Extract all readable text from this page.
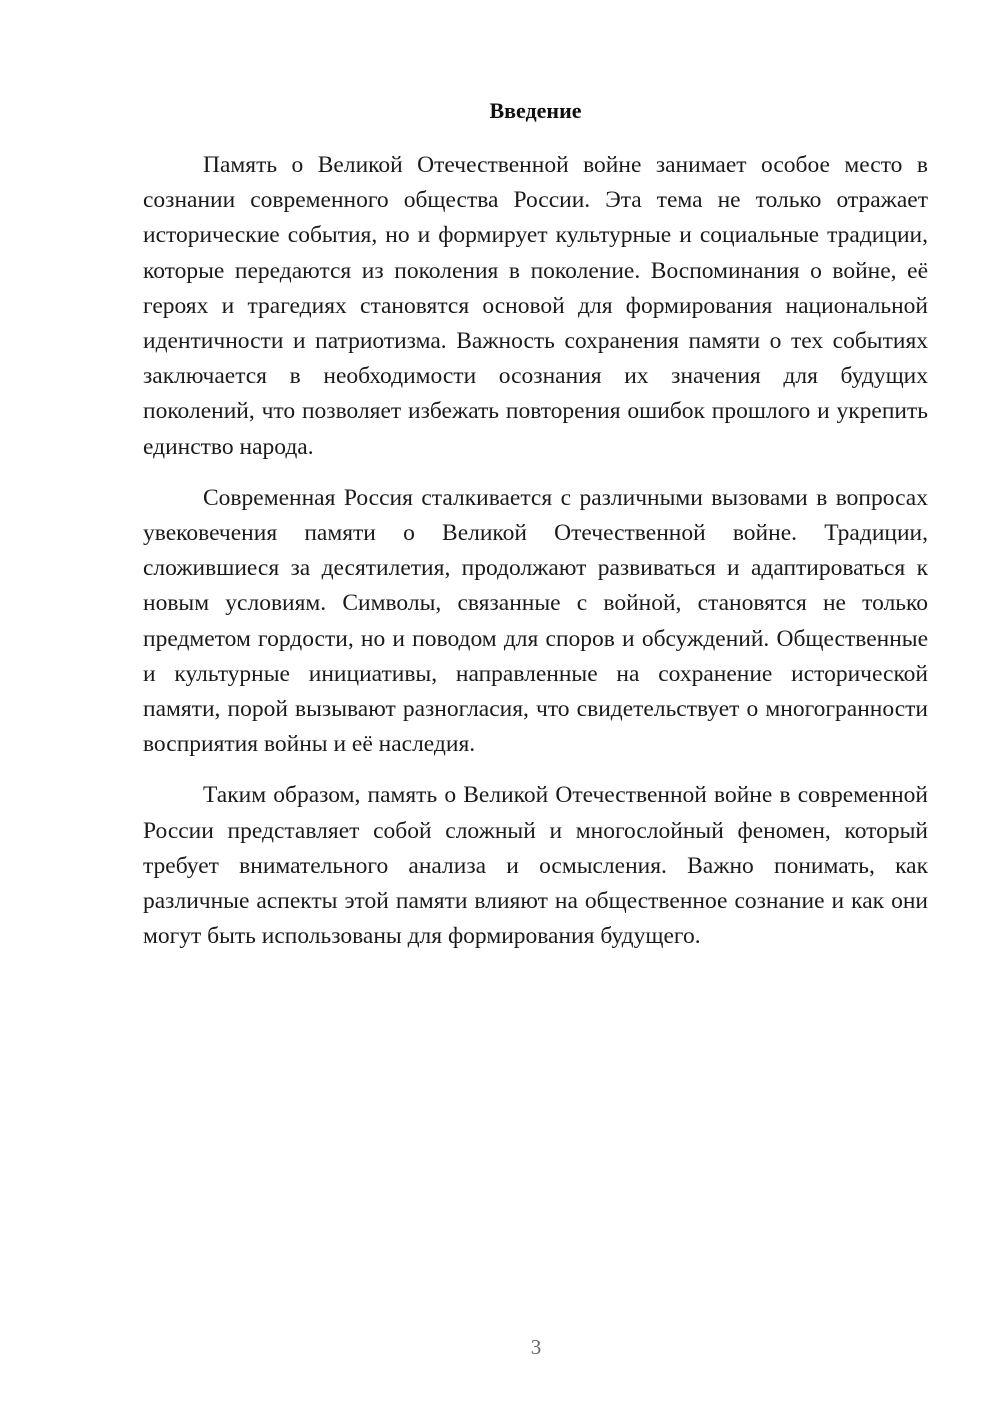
Введение

Память о Великой Отечественной войне занимает особое место в сознании современного общества России. Эта тема не только отражает исторические события, но и формирует культурные и социальные традиции, которые передаются из поколения в поколение. Воспоминания о войне, её героях и трагедиях становятся основой для формирования национальной идентичности и патриотизма. Важность сохранения памяти о тех событиях заключается в необходимости осознания их значения для будущих поколений, что позволяет избежать повторения ошибок прошлого и укрепить единство народа.

Современная Россия сталкивается с различными вызовами в вопросах увековечения памяти о Великой Отечественной войне. Традиции, сложившиеся за десятилетия, продолжают развиваться и адаптироваться к новым условиям. Символы, связанные с войной, становятся не только предметом гордости, но и поводом для споров и обсуждений. Общественные и культурные инициативы, направленные на сохранение исторической памяти, порой вызывают разногласия, что свидетельствует о многогранности восприятия войны и её наследия.

Таким образом, память о Великой Отечественной войне в современной России представляет собой сложный и многослойный феномен, который требует внимательного анализа и осмысления. Важно понимать, как различные аспекты этой памяти влияют на общественное сознание и как они могут быть использованы для формирования будущего.

3
